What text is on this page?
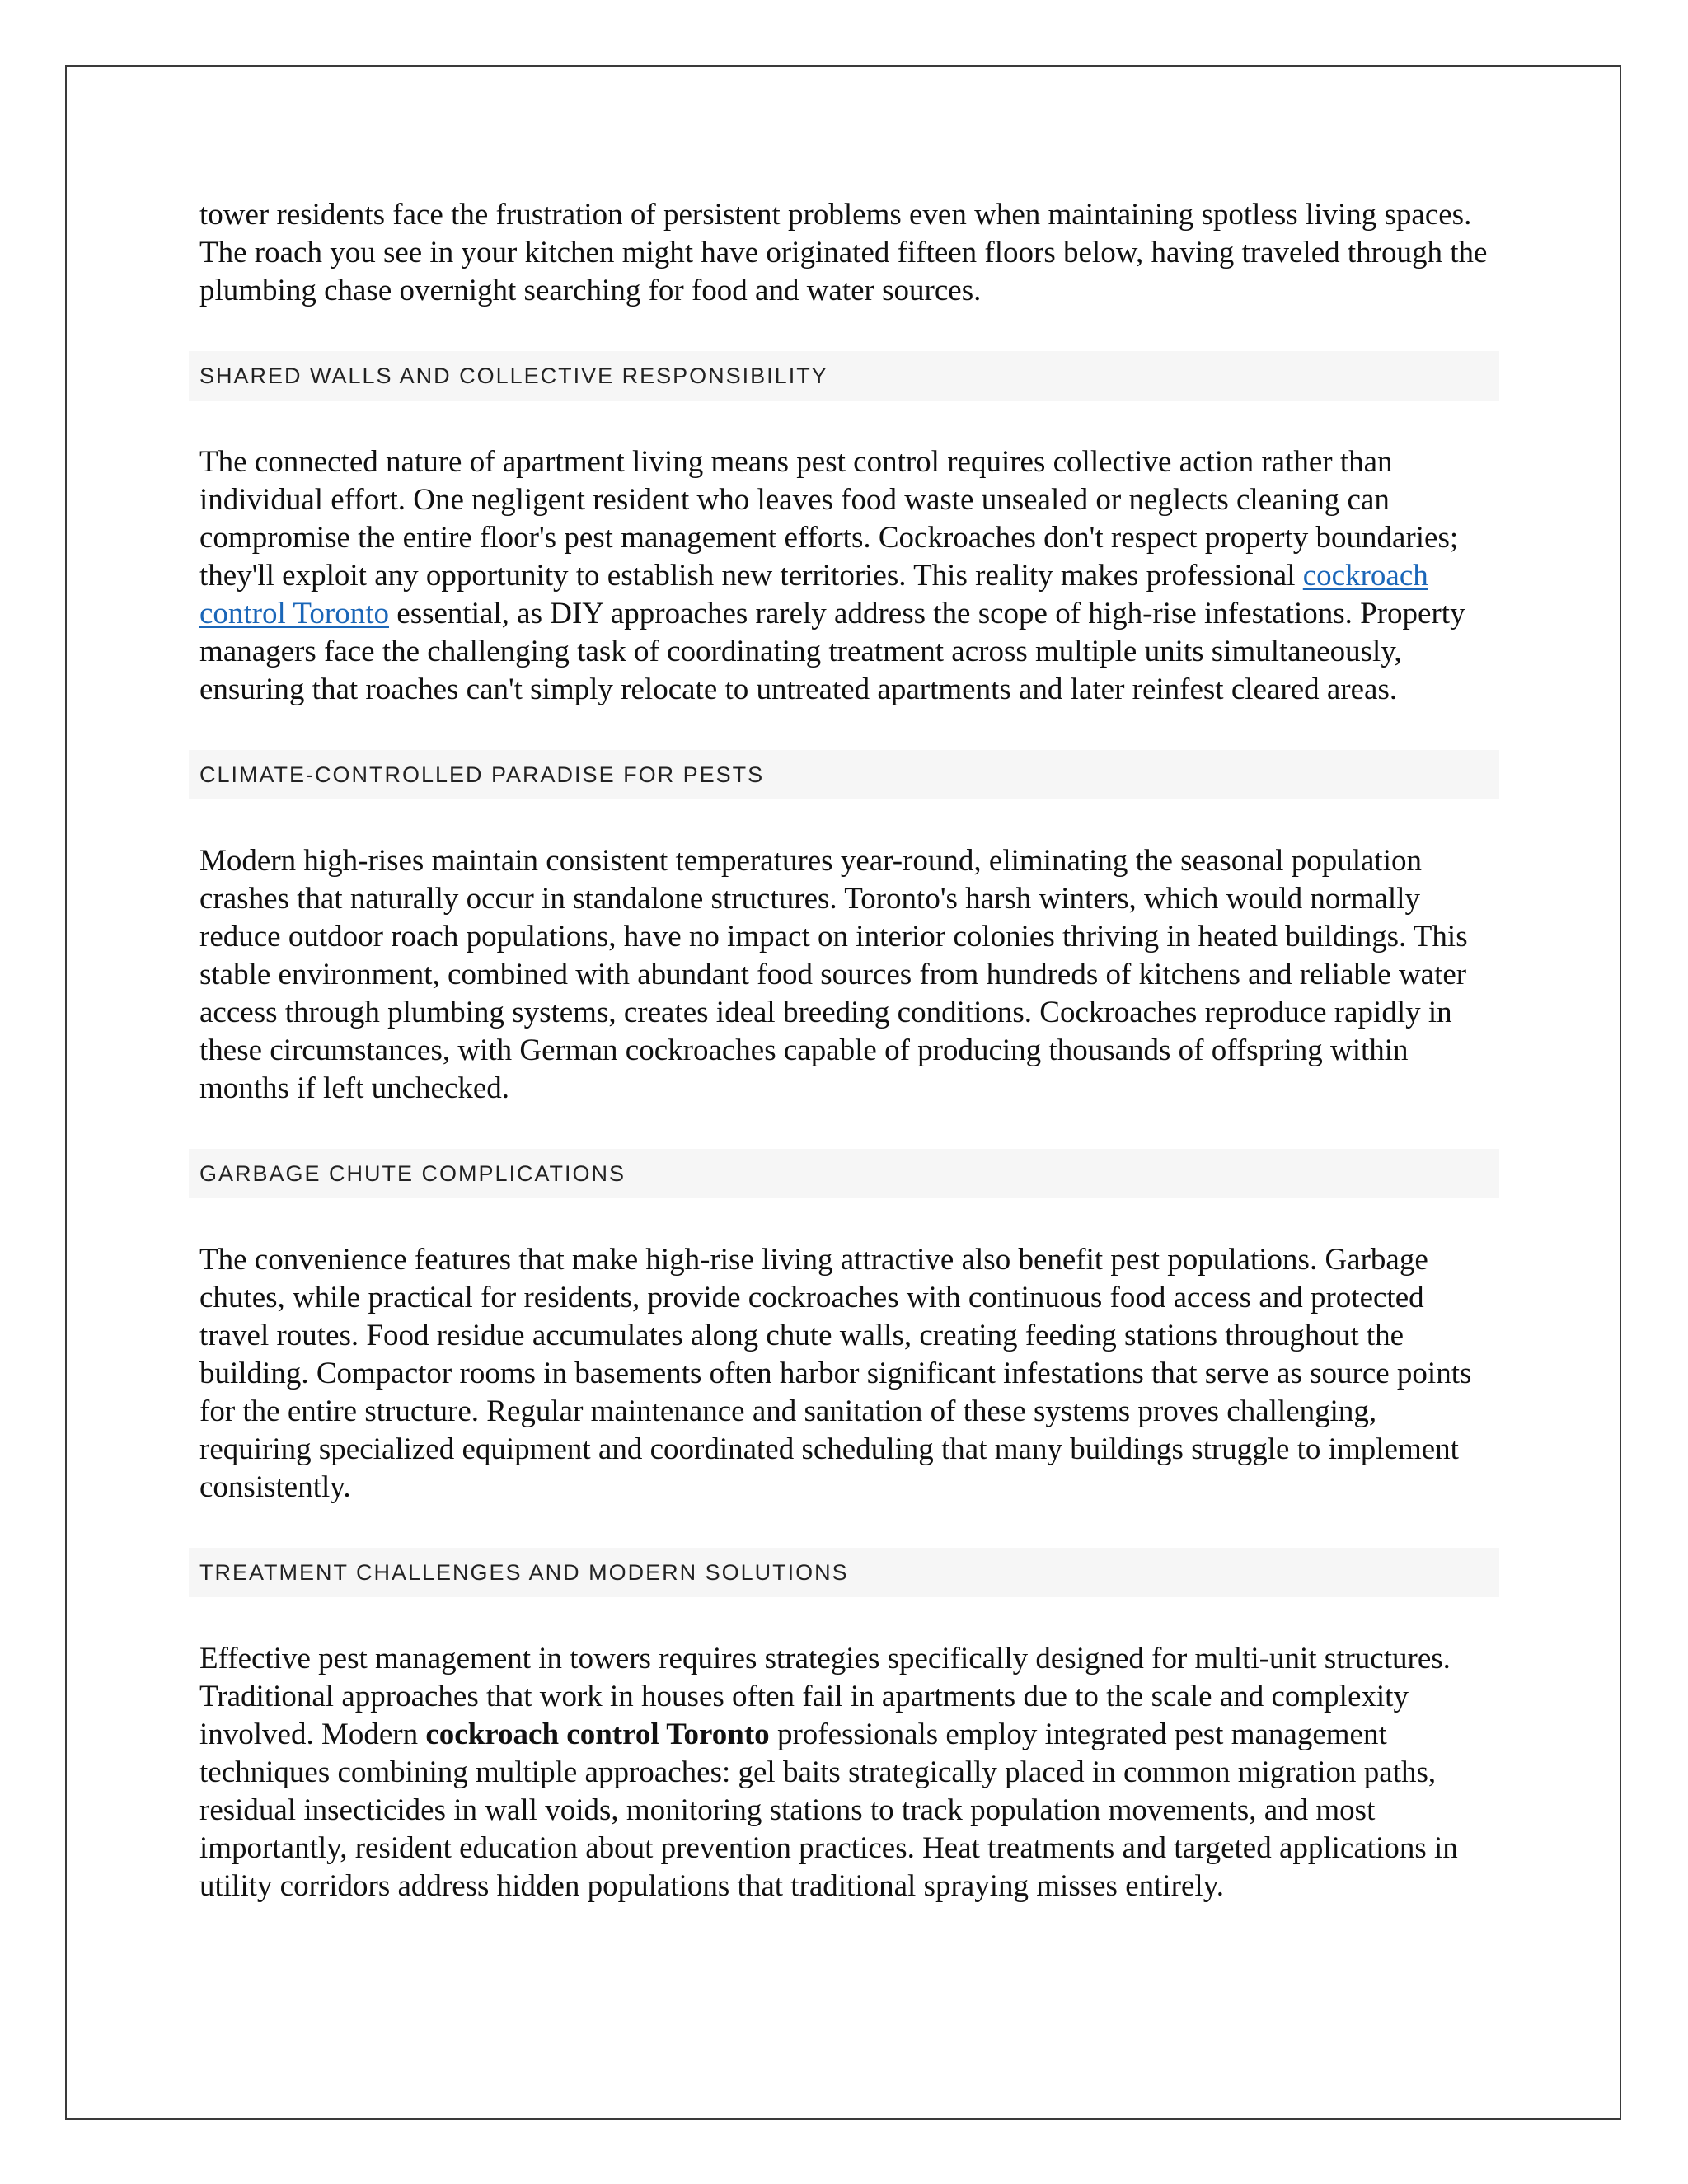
tower residents face the frustration of persistent problems even when maintaining spotless living spaces. The roach you see in your kitchen might have originated fifteen floors below, having traveled through the plumbing chase overnight searching for food and water sources.

SHARED WALLS AND COLLECTIVE RESPONSIBILITY

The connected nature of apartment living means pest control requires collective action rather than individual effort. One negligent resident who leaves food waste unsealed or neglects cleaning can compromise the entire floor's pest management efforts. Cockroaches don't respect property boundaries; they'll exploit any opportunity to establish new territories. This reality makes professional cockroach control Toronto essential, as DIY approaches rarely address the scope of high-rise infestations. Property managers face the challenging task of coordinating treatment across multiple units simultaneously, ensuring that roaches can't simply relocate to untreated apartments and later reinfest cleared areas.

CLIMATE-CONTROLLED PARADISE FOR PESTS

Modern high-rises maintain consistent temperatures year-round, eliminating the seasonal population crashes that naturally occur in standalone structures. Toronto's harsh winters, which would normally reduce outdoor roach populations, have no impact on interior colonies thriving in heated buildings. This stable environment, combined with abundant food sources from hundreds of kitchens and reliable water access through plumbing systems, creates ideal breeding conditions. Cockroaches reproduce rapidly in these circumstances, with German cockroaches capable of producing thousands of offspring within months if left unchecked.

GARBAGE CHUTE COMPLICATIONS

The convenience features that make high-rise living attractive also benefit pest populations. Garbage chutes, while practical for residents, provide cockroaches with continuous food access and protected travel routes. Food residue accumulates along chute walls, creating feeding stations throughout the building. Compactor rooms in basements often harbor significant infestations that serve as source points for the entire structure. Regular maintenance and sanitation of these systems proves challenging, requiring specialized equipment and coordinated scheduling that many buildings struggle to implement consistently.

TREATMENT CHALLENGES AND MODERN SOLUTIONS

Effective pest management in towers requires strategies specifically designed for multi-unit structures. Traditional approaches that work in houses often fail in apartments due to the scale and complexity involved. Modern cockroach control Toronto professionals employ integrated pest management techniques combining multiple approaches: gel baits strategically placed in common migration paths, residual insecticides in wall voids, monitoring stations to track population movements, and most importantly, resident education about prevention practices. Heat treatments and targeted applications in utility corridors address hidden populations that traditional spraying misses entirely.
